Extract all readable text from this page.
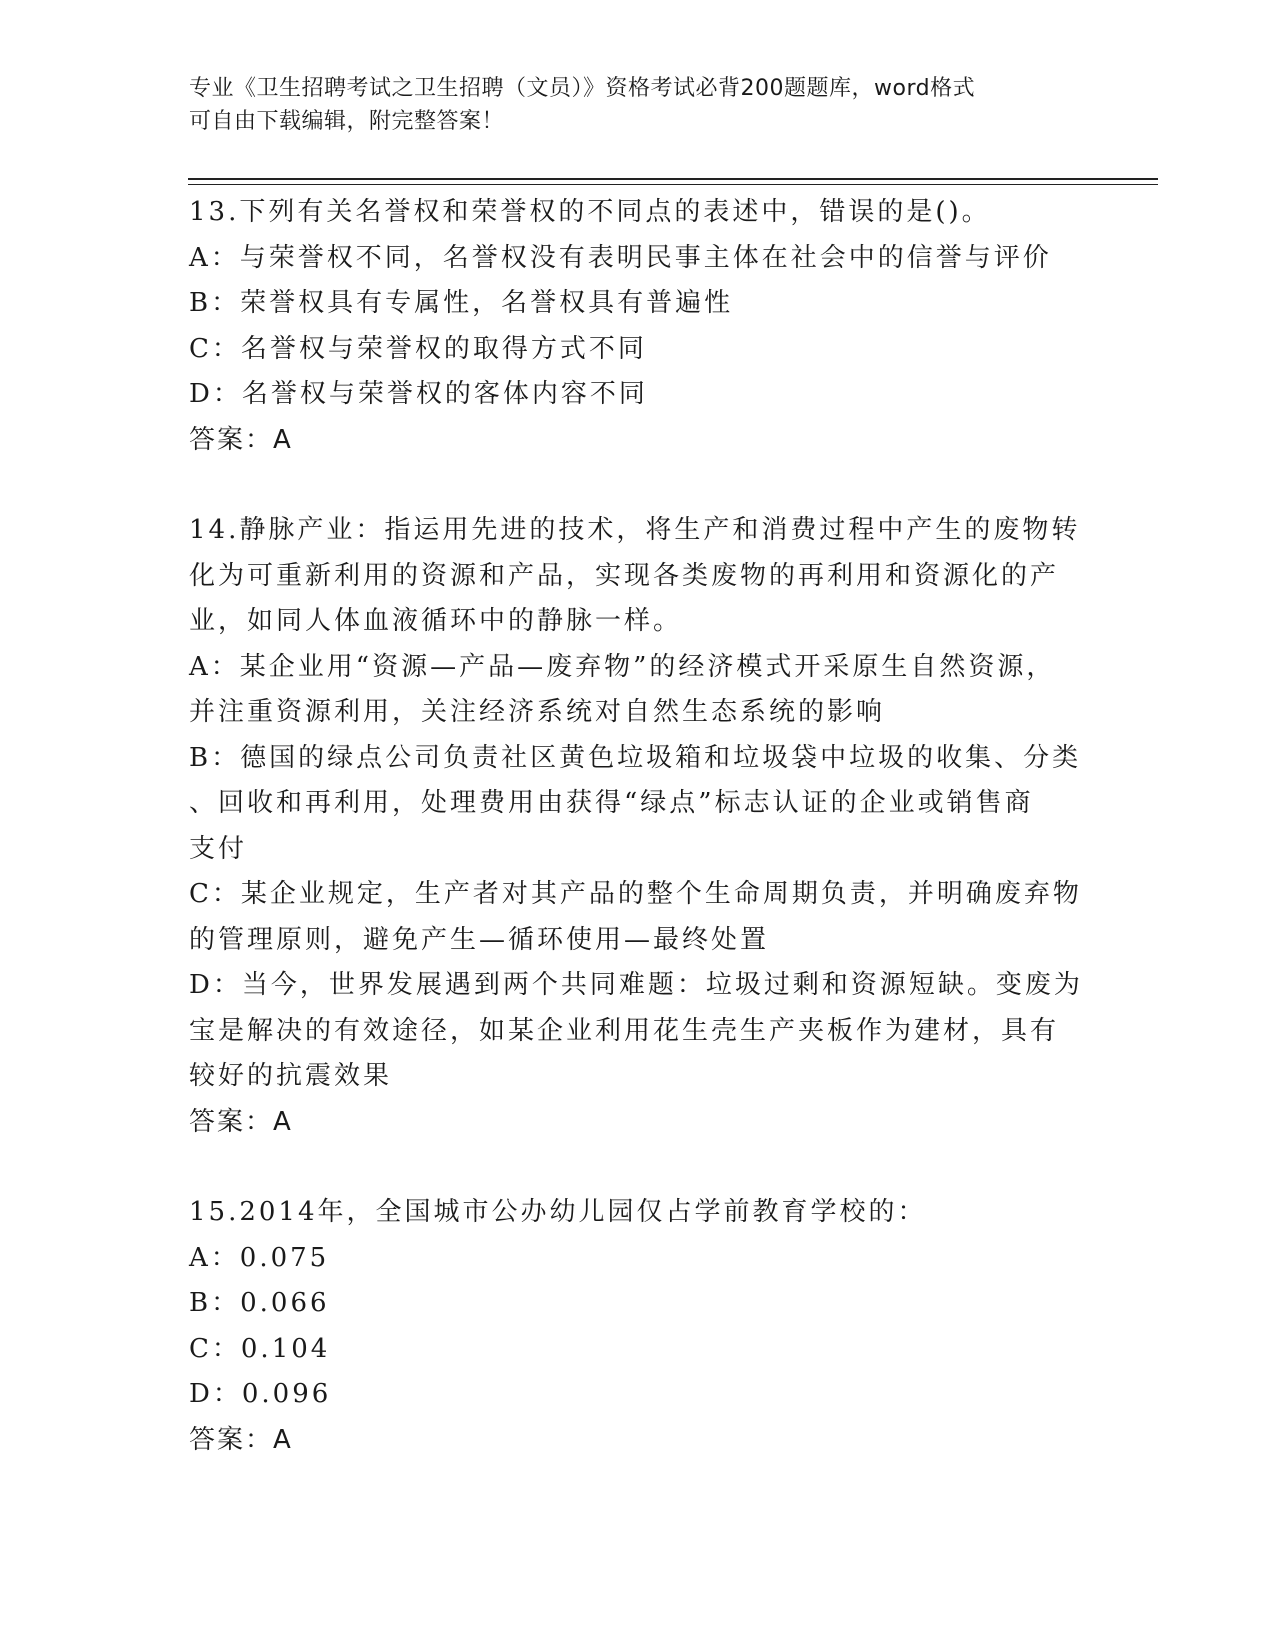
专业《卫生招聘考试之卫生招聘（文员）》资格考试必背200题题库，word格式
可自由下载编辑，附完整答案！
13.下列有关名誉权和荣誉权的不同点的表述中，错误的是()。
A：与荣誉权不同，名誉权没有表明民事主体在社会中的信誉与评价
B：荣誉权具有专属性，名誉权具有普遍性
C：名誉权与荣誉权的取得方式不同
D：名誉权与荣誉权的客体内容不同
答案：A
14.静脉产业：指运用先进的技术，将生产和消费过程中产生的废物转
化为可重新利用的资源和产品，实现各类废物的再利用和资源化的产
业，如同人体血液循环中的静脉一样。
A：某企业用“资源—产品—废弃物”的经济模式开采原生自然资源，
并注重资源利用，关注经济系统对自然生态系统的影响
B：德国的绿点公司负责社区黄色垃圾箱和垃圾袋中垃圾的收集、分类
、回收和再利用，处理费用由获得“绿点”标志认证的企业或销售商
支付
C：某企业规定，生产者对其产品的整个生命周期负责，并明确废弃物
的管理原则，避免产生—循环使用—最终处置
D：当今，世界发展遇到两个共同难题：垃圾过剩和资源短缺。变废为
宝是解决的有效途径，如某企业利用花生壳生产夹板作为建材，具有
较好的抗震效果
答案：A
15.2014年，全国城市公办幼儿园仅占学前教育学校的：
A：0.075
B：0.066
C：0.104
D：0.096
答案：A
